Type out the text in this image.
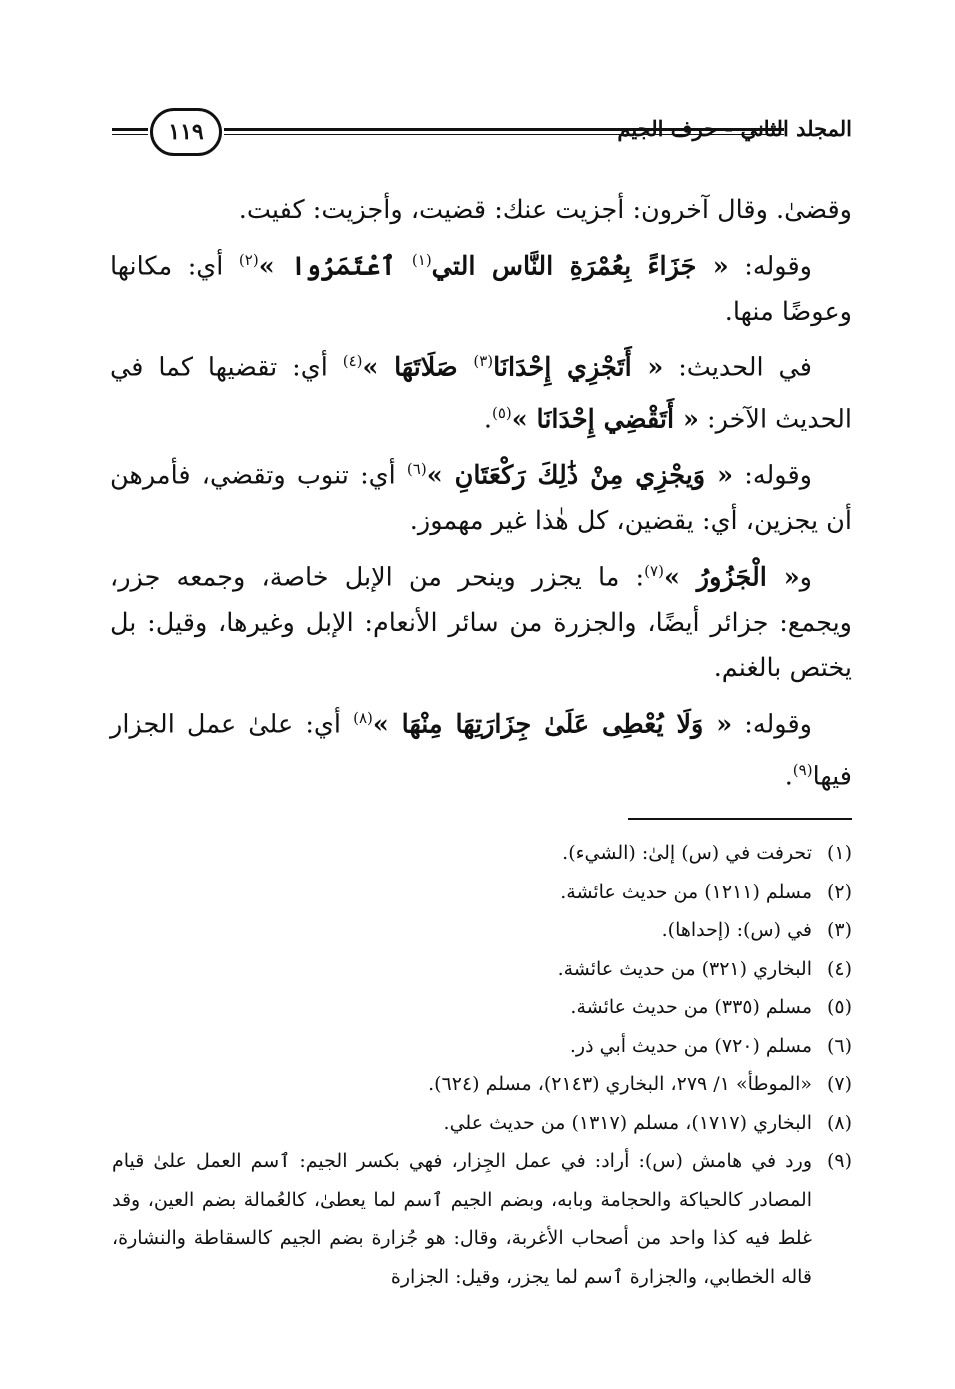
١١٩	المجلد الثاني - حرف الجيم

وقضىٰ. وقال آخرون: أجزيت عنك: قضيت، وأجزيت: كفيت.

وقوله: « جَزَاءً بِعُمْرَةِ النَّاس التي$^{(١)}$ ٱعْتَمَرُوا »$^{(٢)}$ أي: مكانها وعوضًا منها.

في الحديث: « أَتَجْزِي إِحْدَانَا$^{(٣)}$ صَلَاتَهَا »$^{(٤)}$ أي: تقضيها كما في الحديث الآخر: « أَتَقْضِي إِحْدَانَا »$^{(٥)}$.

وقوله: « وَيجْزِي مِنْ ذَٰلِكَ رَكْعَتَانِ »$^{(٦)}$ أي: تنوب وتقضي، فأمرهن أن يجزين، أي: يقضين، كل هٰذا غير مهموز.

و« الْجَزُورُ »$^{(٧)}$: ما يجزر وينحر من الإبل خاصة، وجمعه جزر، ويجمع: جزائر أيضًا، والجزرة من سائر الأنعام: الإبل وغيرها، وقيل: بل يختص بالغنم.

وقوله: « وَلَا يُعْطِى عَلَىٰ جِزَارَتِهَا مِنْهَا »$^{(٨)}$ أي: علىٰ عمل الجزار فيها$^{(٩)}$.

(١)
تحرفت في (س) إلىٰ: (الشيء).
(٢)
مسلم (١٢١١) من حديث عائشة.
(٣)
في (س): (إحداها).
(٤)
البخاري (٣٢١) من حديث عائشة.
(٥)
مسلم (٣٣٥) من حديث عائشة.
(٦)
مسلم (٧٢٠) من حديث أبي ذر.
(٧)
«الموطأ» ١/ ٢٧٩، البخاري (٢١٤٣)، مسلم (٦٢٤).
(٨)
البخاري (١٧١٧)، مسلم (١٣١٧) من حديث علي.
(٩)
ورد في هامش (س): أراد: في عمل الجِزار، فهي بكسر الجيم: ٱسم العمل علىٰ قيام المصادر كالحياكة والحجامة وبابه، وبضم الجيم ٱسم لما يعطىٰ، كالعُمالة بضم العين، وقد غلط فيه كذا واحد من أصحاب الأغربة، وقال: هو جُزارة بضم الجيم كالسقاطة والنشارة، قاله الخطابي، والجزارة ٱسم لما يجزر، وقيل: الجزارة
